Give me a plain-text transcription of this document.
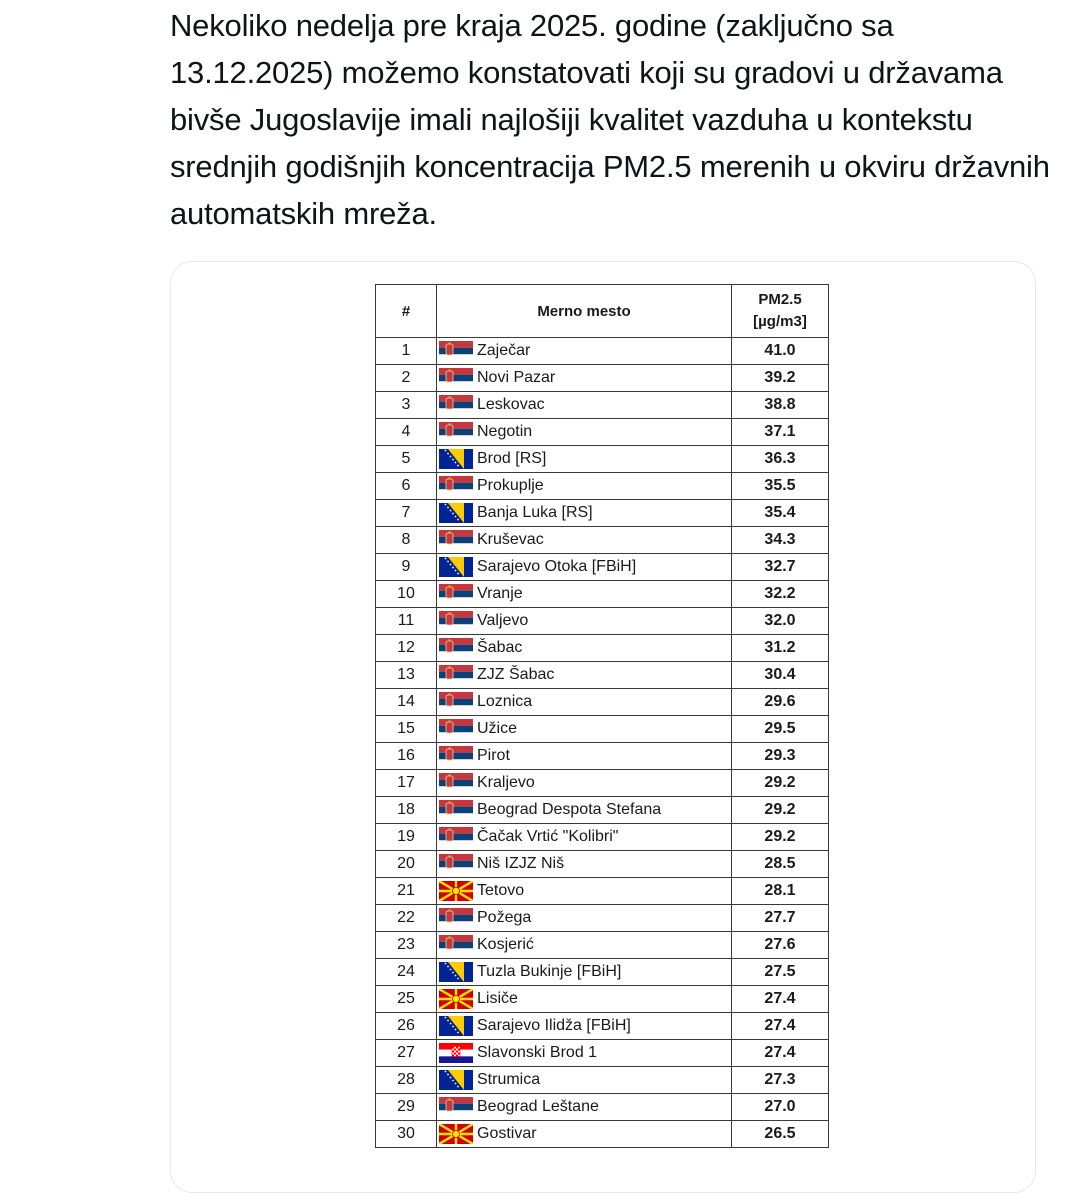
Nekoliko nedelja pre kraja 2025. godine (zaključno sa 13.12.2025) možemo konstatovati koji su gradovi u državama bivše Jugoslavije imali najlošiji kvalitet vazduha u kontekstu srednjih godišnjih koncentracija PM2.5 merenih u okviru državnih automatskih mreža.

#	Merno mesto	PM2.5
[µg/m3]

1	Zaječar	41.0
2	Novi Pazar	39.2
3	Leskovac	38.8
4	Negotin	37.1
5	Brod [RS]	36.3
6	Prokuplje	35.5
7	Banja Luka [RS]	35.4
8	Kruševac	34.3
9	Sarajevo Otoka [FBiH]	32.7
10	Vranje	32.2
11	Valjevo	32.0
12	Šabac	31.2
13	ZJZ Šabac	30.4
14	Loznica	29.6
15	Užice	29.5
16	Pirot	29.3
17	Kraljevo	29.2
18	Beograd Despota Stefana	29.2
19	Čačak Vrtić "Kolibri"	29.2
20	Niš IZJZ Niš	28.5
21	Tetovo	28.1
22	Požega	27.7
23	Kosjerić	27.6
24	Tuzla Bukinje [FBiH]	27.5
25	Lisiče	27.4
26	Sarajevo Ilidža [FBiH]	27.4
27	Slavonski Brod 1	27.4
28	Strumica	27.3
29	Beograd Leštane	27.0
30	Gostivar	26.5
